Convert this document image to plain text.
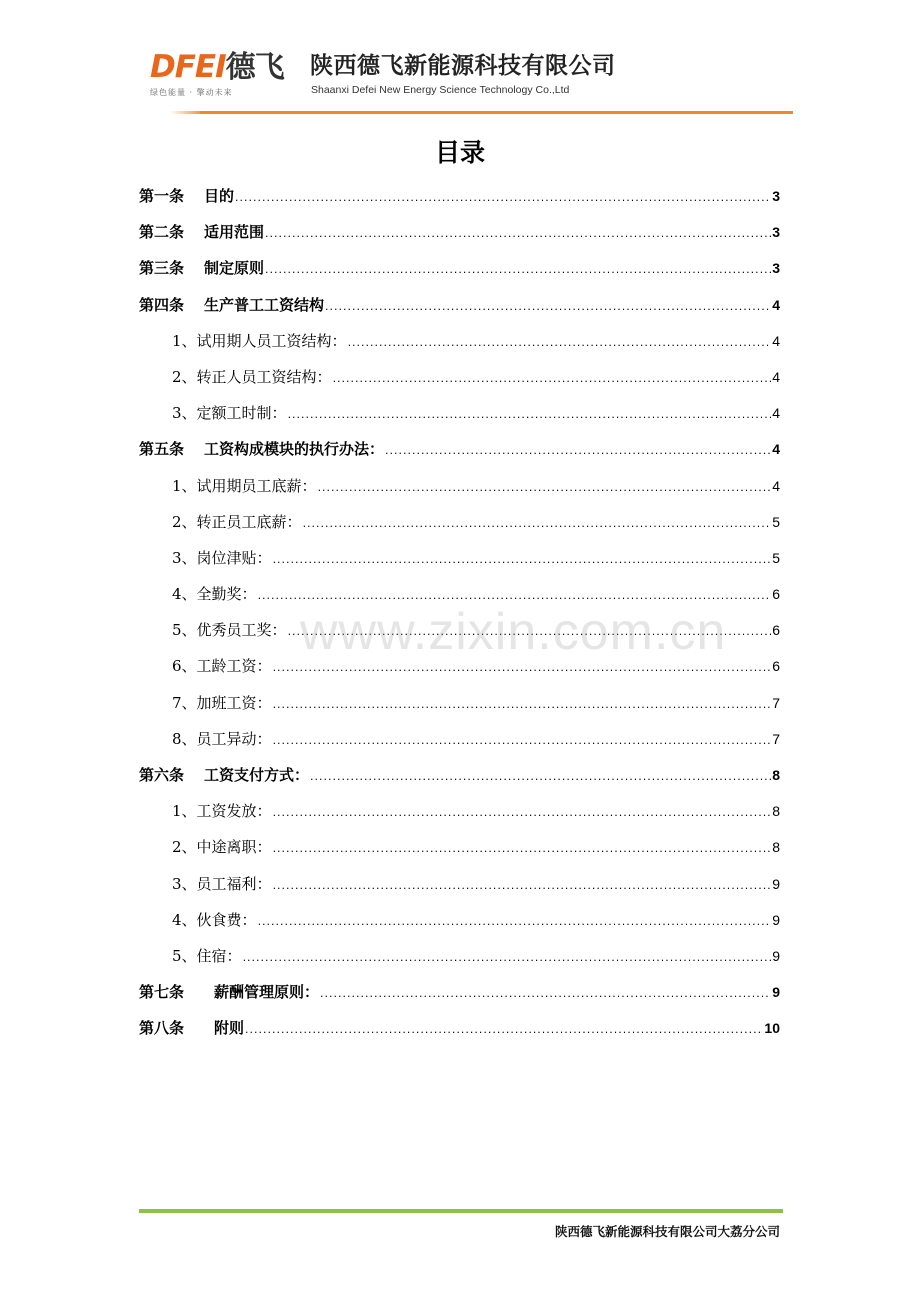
DFEI德飞
绿色能量 · 擎动未来
陕西德飞新能源科技有限公司
Shaanxi Defei New Energy Science Technology Co.,Ltd
目录
第一条 目的 .....	3
第二条 适用范围 .....	3
第三条 制定原则 .....	3
第四条 生产普工工资结构 .....	4
1、试用期人员工资结构： .....	4
2、转正人员工资结构： .....	4
3、定额工时制： .....	4
第五条 工资构成模块的执行办法： .....	4
1、试用期员工底薪： .....	4
2、转正员工底薪： .....	5
3、岗位津贴： .....	5
4、全勤奖： .....	6
5、优秀员工奖： .....	6
6、工龄工资： .....	6
7、加班工资： .....	7
8、员工异动： .....	7
第六条 工资支付方式： .....	8
1、工资发放： .....	8
2、中途离职： .....	8
3、员工福利： .....	9
4、伙食费： .....	9
5、住宿： .....	9
第七条 薪酬管理原则： .....	9
第八条 附则 .....	10
www.zixin.com.cn
陕西德飞新能源科技有限公司大荔分公司
